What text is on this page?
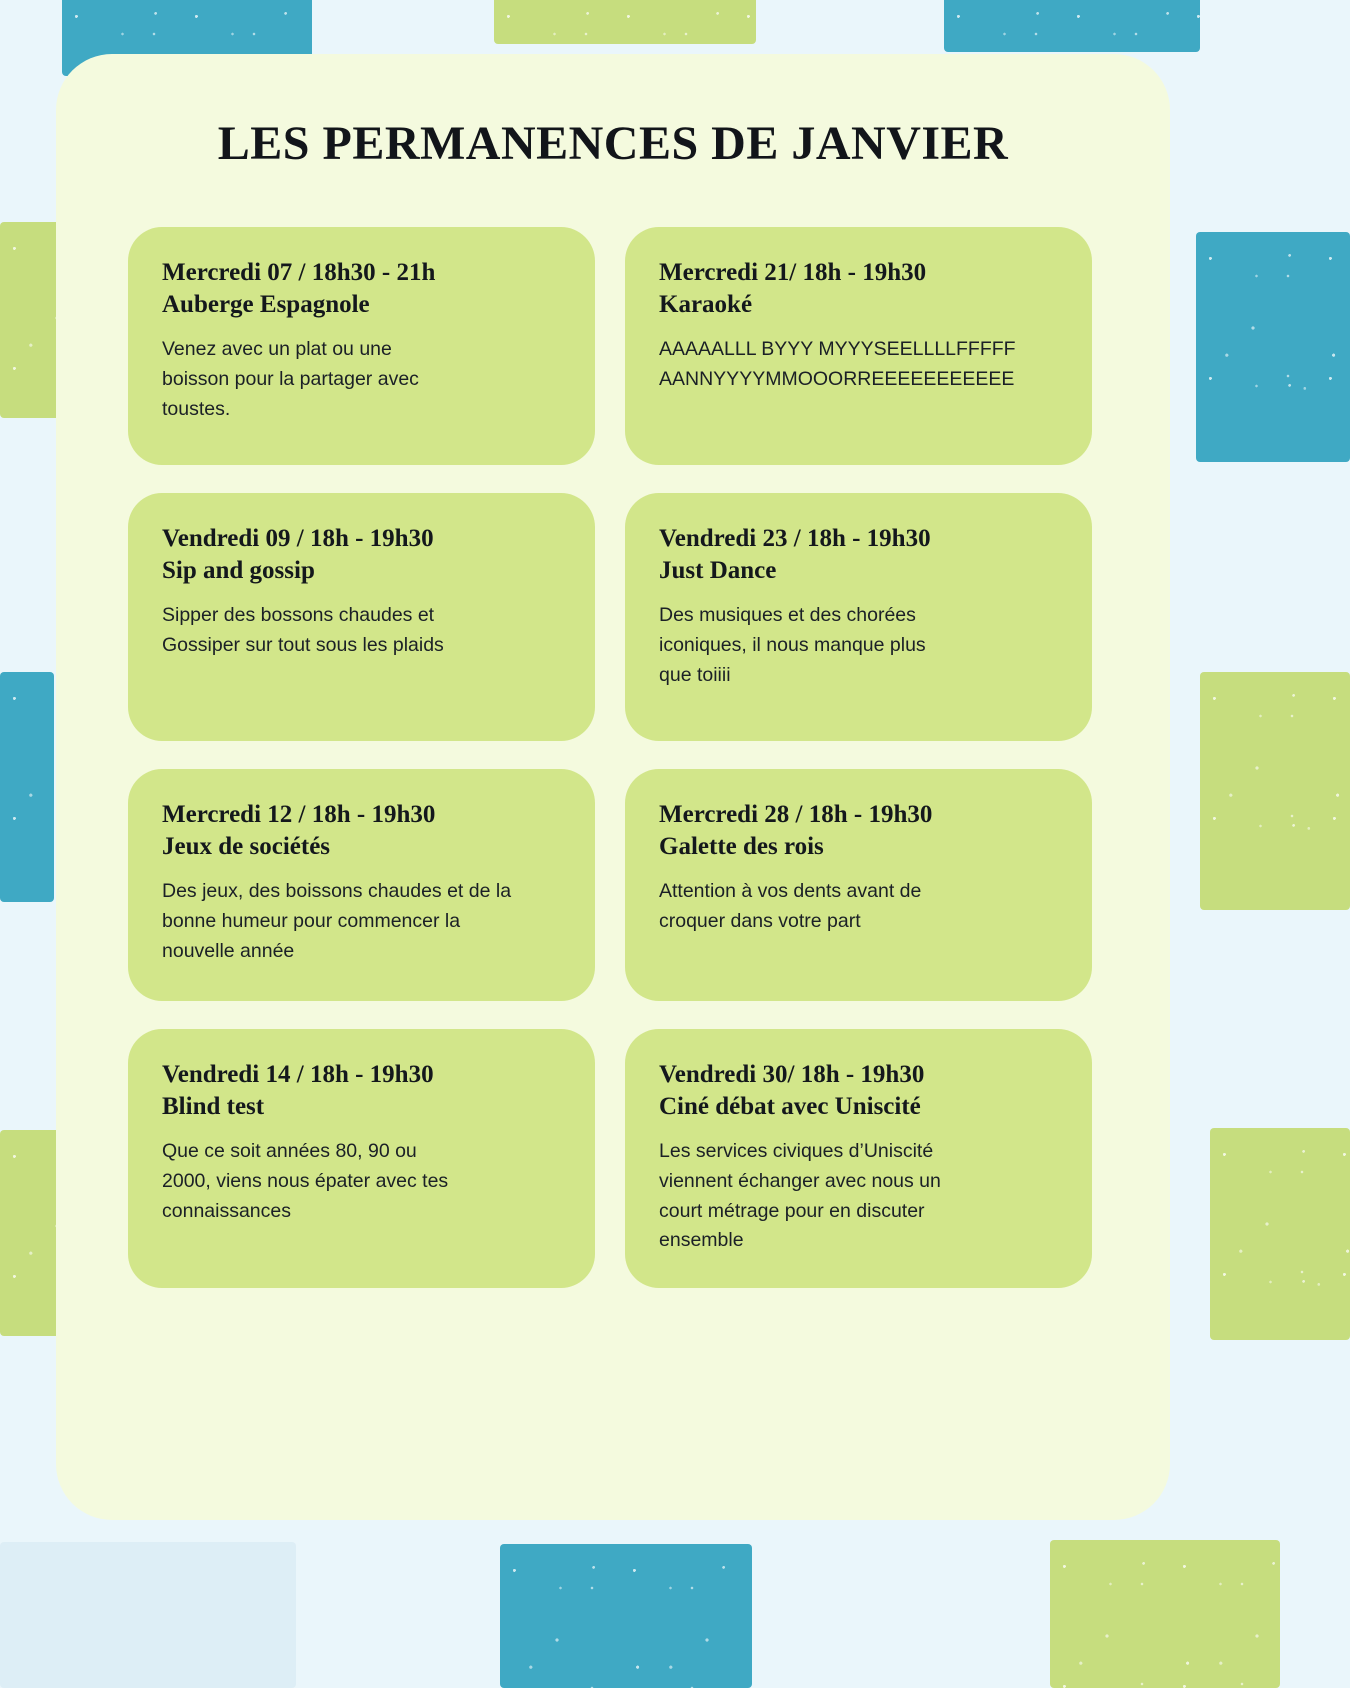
LES PERMANENCES DE JANVIER

Mercredi 07 / 18h30 - 21h

Auberge Espagnole

Venez avec un plat ou une boisson pour la partager avec toustes.

Mercredi 21/ 18h - 19h30

Karaoké

AAAAALLL BYYY MYYYSEELLLLFFFFF AANNYYYYMMOOORREEEEEEEEEEE

Vendredi 09 / 18h - 19h30

Sip and gossip

Sipper des bossons chaudes et Gossiper sur tout sous les plaids

Vendredi 23 / 18h - 19h30

Just Dance

Des musiques et des chorées iconiques, il nous manque plus que toiiii

Mercredi 12 / 18h - 19h30

Jeux de sociétés

Des jeux, des boissons chaudes et de la bonne humeur pour commencer la nouvelle année

Mercredi 28 / 18h - 19h30

Galette des rois

Attention à vos dents avant de croquer dans votre part

Vendredi 14 / 18h - 19h30

Blind test

Que ce soit années 80, 90 ou 2000, viens nous épater avec tes connaissances

Vendredi 30/ 18h - 19h30

Ciné débat avec Uniscité

Les services civiques d’Uniscité viennent échanger avec nous un court métrage pour en discuter ensemble
